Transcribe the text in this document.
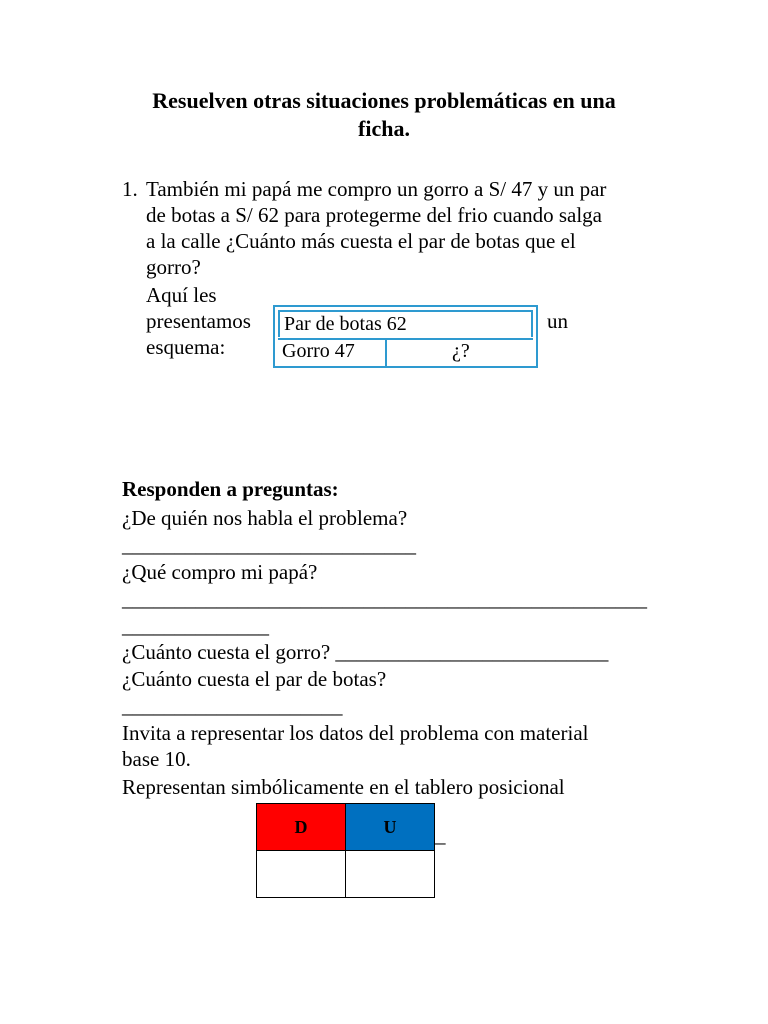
Resuelven otras situaciones problemáticas en una
ficha.
1. También mi papá me compro un gorro a S/ 47 y un par
de botas a S/ 62 para protegerme del frio cuando salga
a la calle ¿Cuánto más cuesta el par de botas que el
gorro?
Aquí les
presentamos
esquema:
un
Par de botas 62
Gorro 47	¿?
Responden a preguntas:
¿De quién nos habla el problema?
____________________________
¿Qué compro mi papá?
__________________________________________________
______________
¿Cuánto cuesta el gorro? __________________________
¿Cuánto cuesta el par de botas?
_____________________
Invita a representar los datos del problema con material
base 10.
Representan simbólicamente en el tablero posicional
D	U
	_
